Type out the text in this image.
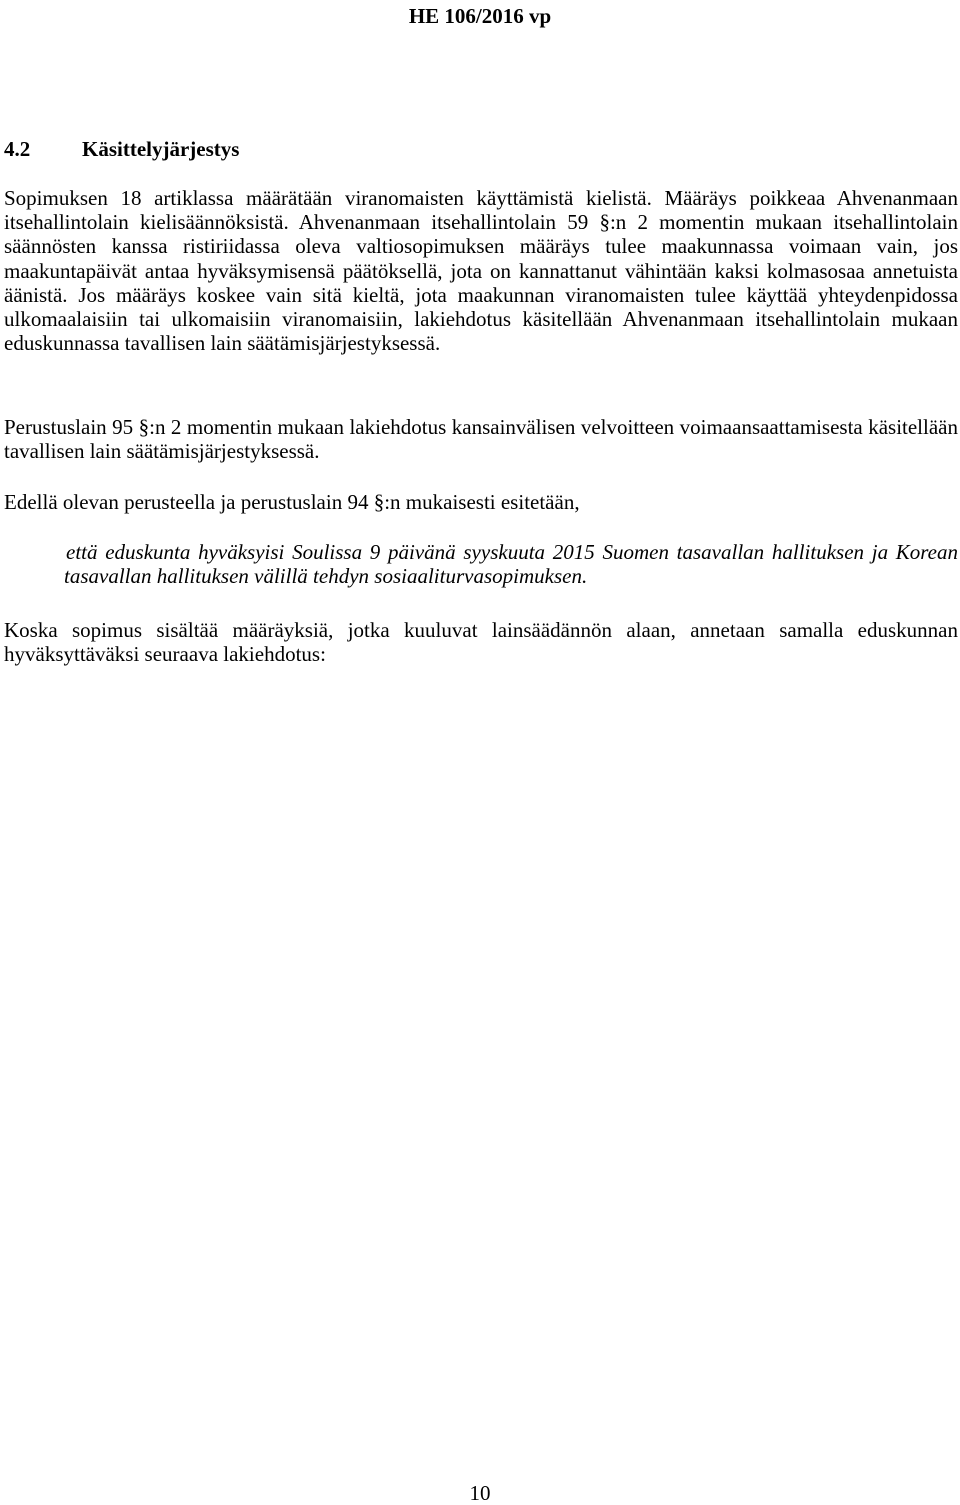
HE 106/2016 vp
4.2 Käsittelyjärjestys

Sopimuksen 18 artiklassa määrätään viranomaisten käyttämistä kielistä. Määräys poikkeaa Ahvenanmaan itsehallintolain kielisäännöksistä. Ahvenanmaan itsehallintolain 59 §:n 2 momentin mukaan itsehallintolain säännösten kanssa ristiriidassa oleva valtiosopimuksen määräys tulee maakunnassa voimaan vain, jos maakuntapäivät antaa hyväksymisensä päätöksellä, jota on kannattanut vähintään kaksi kolmasosaa annetuista äänistä. Jos määräys koskee vain sitä kieltä, jota maakunnan viranomaisten tulee käyttää yhteydenpidossa ulkomaalaisiin tai ulkomaisiin viranomaisiin, lakiehdotus käsitellään Ahvenanmaan itsehallintolain mukaan eduskunnassa tavallisen lain säätämisjärjestyksessä.

Perustuslain 95 §:n 2 momentin mukaan lakiehdotus kansainvälisen velvoitteen voimaansaattamisesta käsitellään tavallisen lain säätämisjärjestyksessä.

Edellä olevan perusteella ja perustuslain 94 §:n mukaisesti esitetään,

että eduskunta hyväksyisi Soulissa 9 päivänä syyskuuta 2015 Suomen tasavallan hallituksen ja Korean tasavallan hallituksen välillä tehdyn sosiaaliturvasopimuksen.

Koska sopimus sisältää määräyksiä, jotka kuuluvat lainsäädännön alaan, annetaan samalla eduskunnan hyväksyttäväksi seuraava lakiehdotus:

10
